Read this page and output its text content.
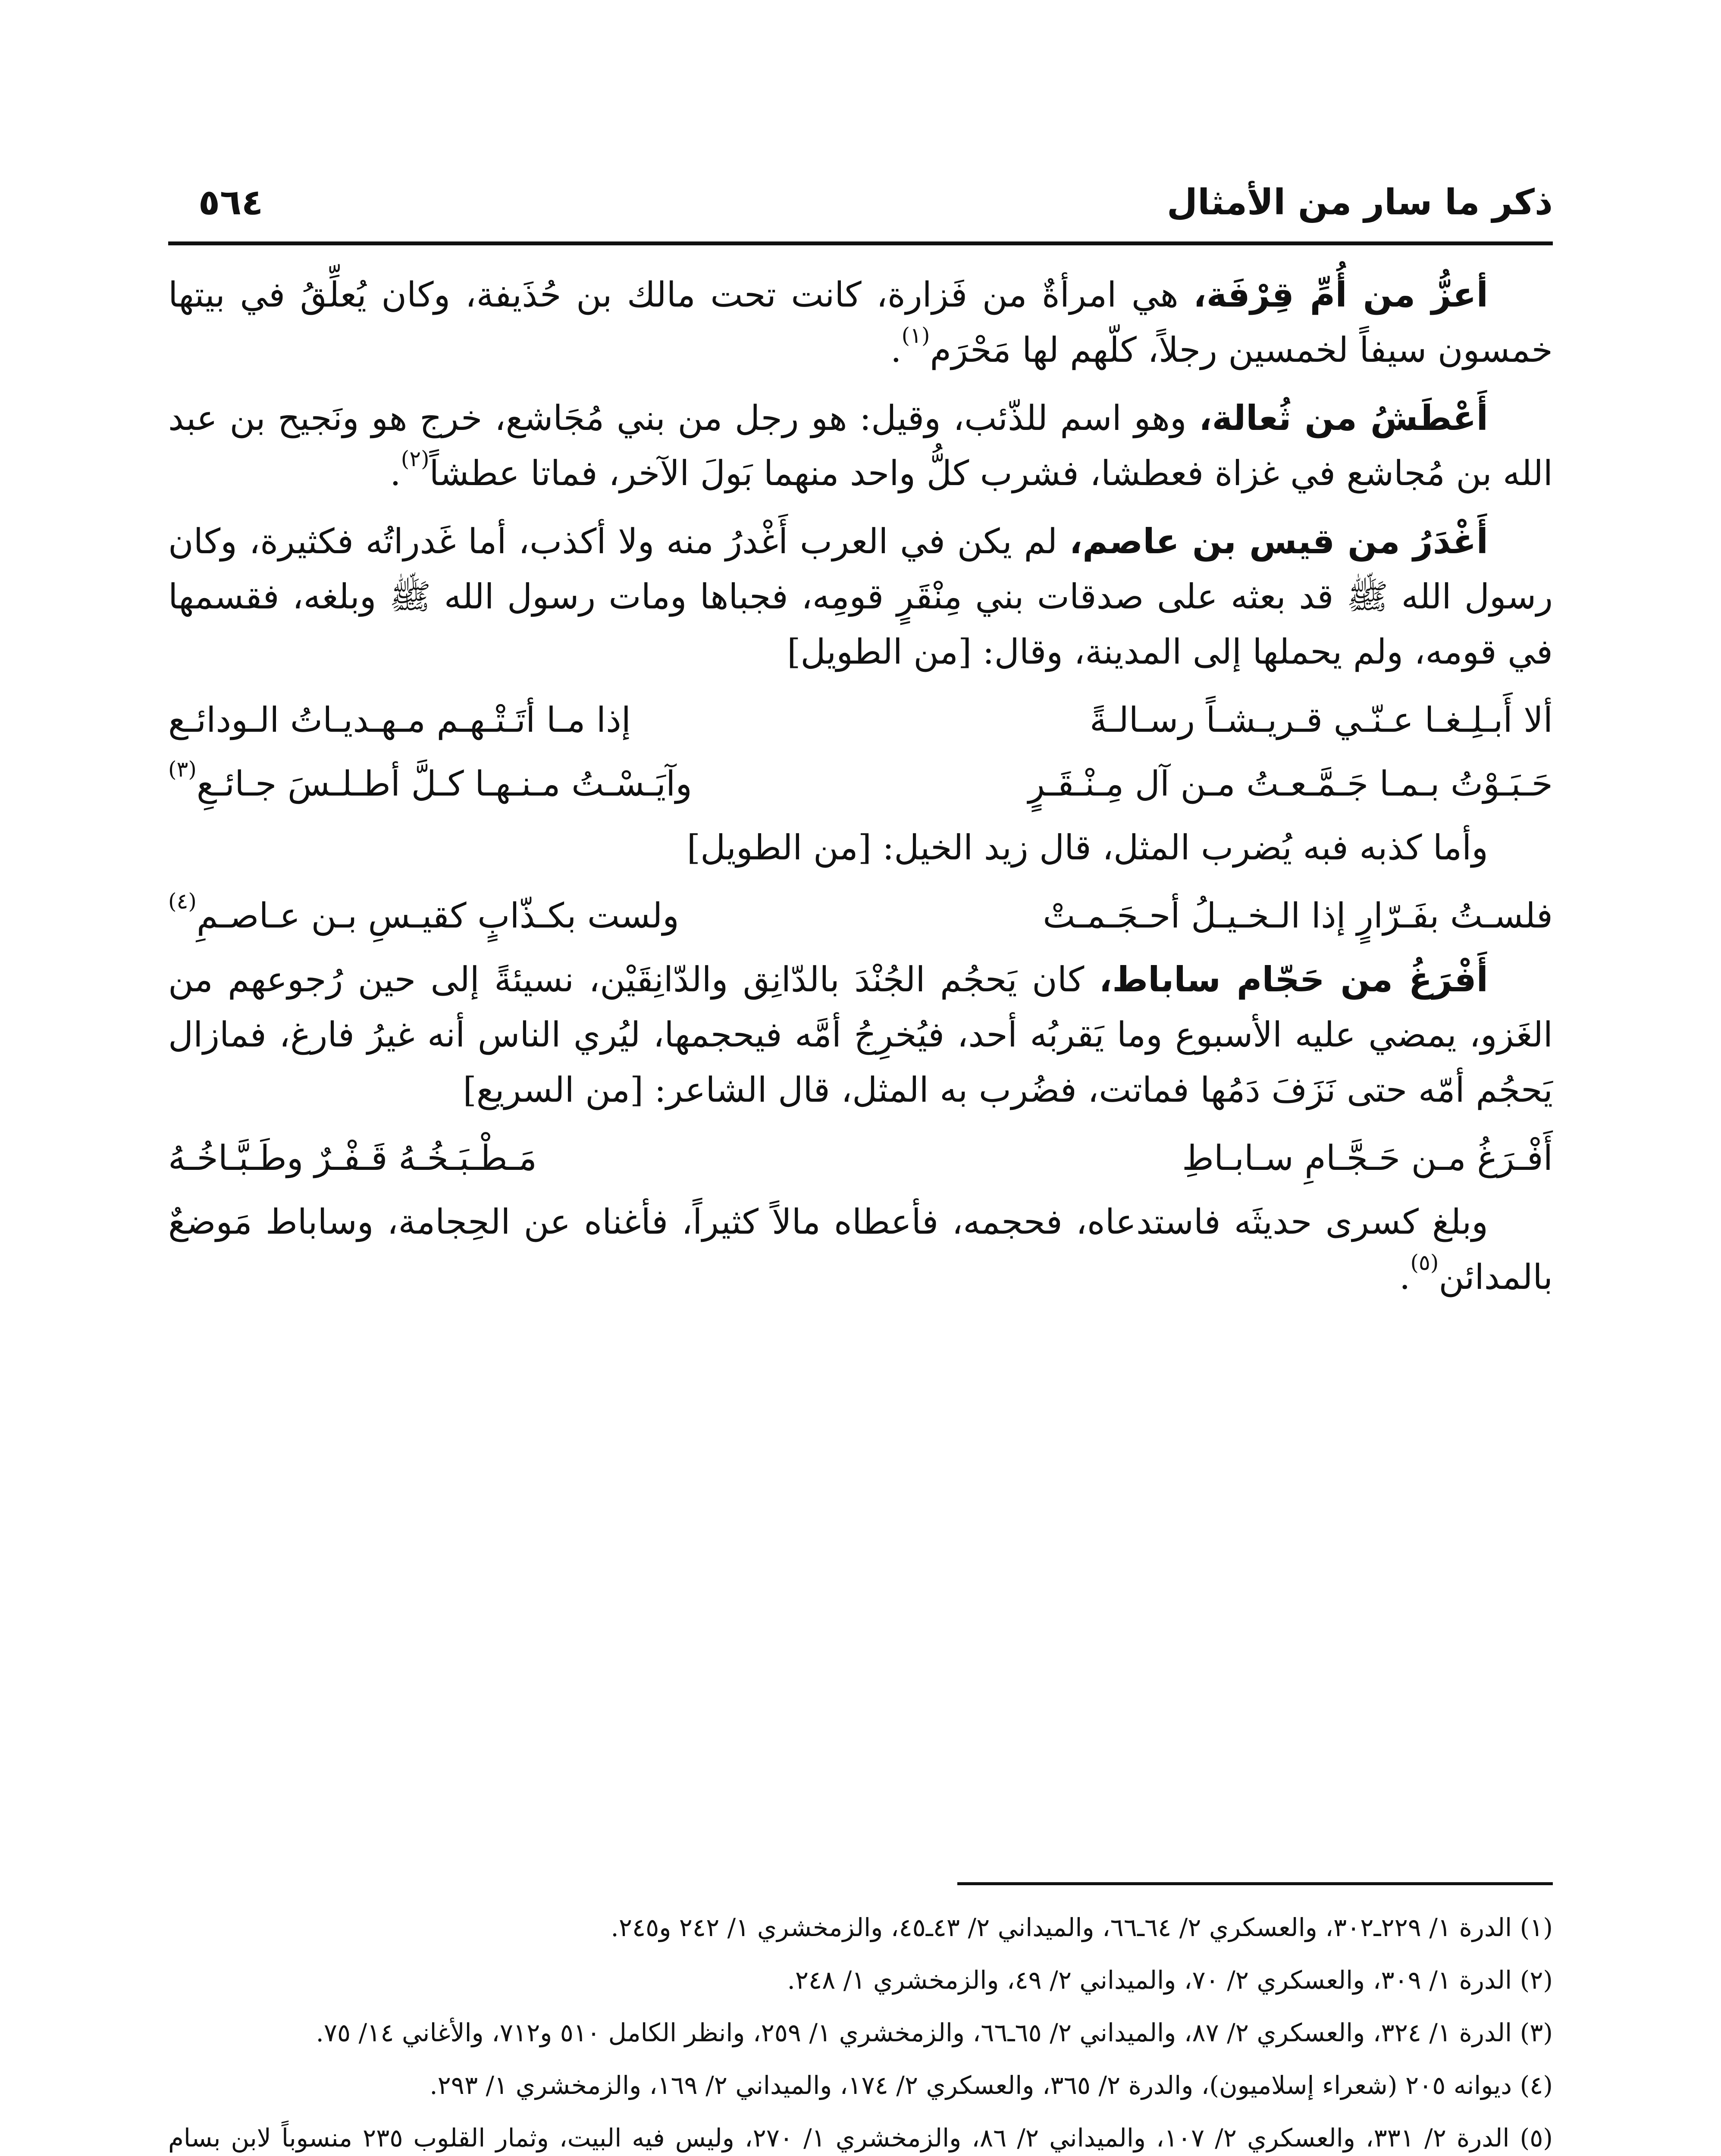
ذكر ما سار من الأمثال
٥٦٤

أعزُّ من أُمِّ قِرْفَة، هي امرأةٌ من فَزارة، كانت تحت مالك بن حُذَيفة، وكان يُعلِّقُ في بيتها خمسون سيفاً لخمسين رجلاً، كلّهم لها مَحْرَم$^{(١)}$.

أَعْطَشُ من ثُعالة، وهو اسم للذّئب، وقيل: هو رجل من بني مُجَاشع، خرج هو ونَجيح بن عبد الله بن مُجاشع في غزاة فعطشا، فشرب كلُّ واحد منهما بَولَ الآخر، فماتا عطشاً$^{(٢)}$.

أَغْدَرُ من قيس بن عاصم، لم يكن في العرب أَغْدرُ منه ولا أكذب، أما غَدراتُه فكثيرة، وكان رسول الله ﷺ قد بعثه على صدقات بني مِنْقَرٍ قومِه، فجباها ومات رسول الله ﷺ وبلغه، فقسمها في قومه، ولم يحملها إلى المدينة، وقال: [من الطويل]

ألا أَبـلِـغـا عـنّـي قـريـشـاً رسـالـةً
إذا مـا أتَـتْـهـم مـهـديـاتُ الـودائـع
حَـبَـوْتُ بـمـا جَـمَّـعـتُ مـن آل مِـنْـقَـرٍ
وآيَـسْـتُ مـنـهـا كـلَّ أطـلـسَ جـائـعِ$^{(٣)}$

وأما كذبه فبه يُضرب المثل، قال زيد الخيل: [من الطويل]

فلسـتُ بفَـرّارٍ إذا الـخـيـلُ أحـجَـمـتْ
ولست بكـذّابٍ كقيـسِ بـن عـاصـمِ$^{(٤)}$

أَفْرَغُ من حَجّام ساباط، كان يَحجُم الجُنْدَ بالدّانِق والدّانِقَيْن، نسيئةً إلى حين رُجوعهم من الغَزو، يمضي عليه الأسبوع وما يَقربُه أحد، فيُخرِجُ أمَّه فيحجمها، ليُري الناس أنه غيرُ فارغ، فمازال يَحجُم أمّه حتى نَزَفَ دَمُها فماتت، فضُرب به المثل، قال الشاعر: [من السريع]

أَفْـرَغُ مـن حَـجَّـامِ سـابـاطِ
مَـطْـبَـخُـهُ قَـفْـرٌ وطَـبَّـاخُـهُ

وبلغ كسرى حديثَه فاستدعاه، فحجمه، فأعطاه مالاً كثيراً، فأغناه عن الحِجامة، وساباط مَوضعٌ بالمدائن$^{(٥)}$.

(١) الدرة ١/ ٢٢٩ـ٣٠٢، والعسكري ٢/ ٦٤ـ٦٦، والميداني ٢/ ٤٣ـ٤٥، والزمخشري ١/ ٢٤٢ و٢٤٥.

(٢) الدرة ١/ ٣٠٩، والعسكري ٢/ ٧٠، والميداني ٢/ ٤٩، والزمخشري ١/ ٢٤٨.

(٣) الدرة ١/ ٣٢٤، والعسكري ٢/ ٨٧، والميداني ٢/ ٦٥ـ٦٦، والزمخشري ١/ ٢٥٩، وانظر الكامل ٥١٠ و٧١٢، والأغاني ١٤/ ٧٥.

(٤) ديوانه ٢٠٥ (شعراء إسلاميون)، والدرة ٢/ ٣٦٥، والعسكري ٢/ ١٧٤، والميداني ٢/ ١٦٩، والزمخشري ١/ ٢٩٣.

(٥) الدرة ٢/ ٣٣١، والعسكري ٢/ ١٠٧، والميداني ٢/ ٨٦، والزمخشري ١/ ٢٧٠، وليس فيه البيت، وثمار القلوب ٢٣٥ منسوباً لابن بسام
